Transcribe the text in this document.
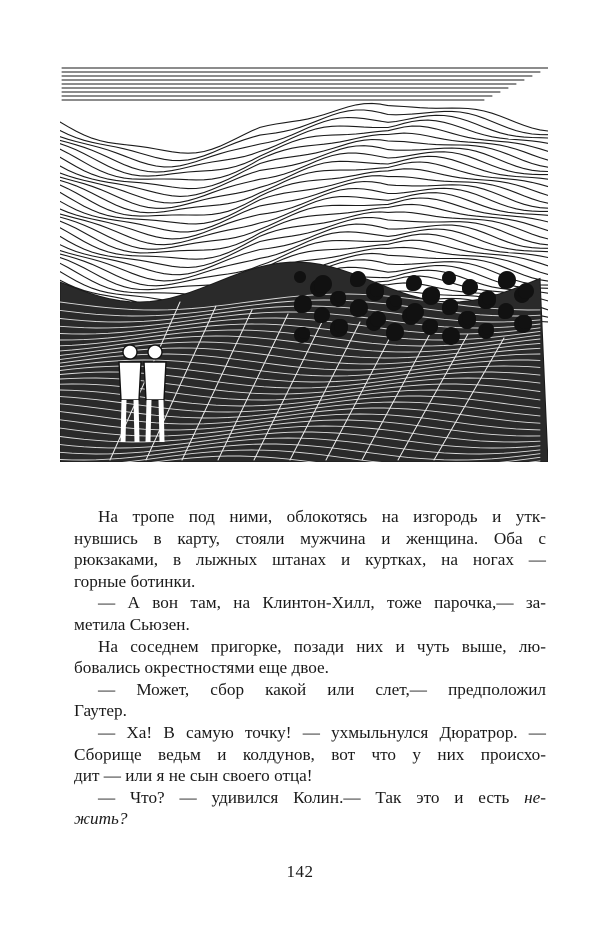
На тропе под ними, облокотясь на изгородь и утк-
нувшись в карту, стояли мужчина и женщина. Оба с
рюкзаками, в лыжных штанах и куртках, на ногах —
горные ботинки.
— А вон там, на Клинтон-Хилл, тоже парочка,— за-
метила Сьюзен.
На соседнем пригорке, позади них и чуть выше, лю-
бовались окрестностями еще двое.
— Может, сбор какой или слет,— предположил
Гаутер.
— Ха! В самую точку! — ухмыльнулся Дюратрор. —
Сборище ведьм и колдунов, вот что у них происхо-
дит — или я не сын своего отца!
— Что? — удивился Колин.— Так это и есть не-
жить?
142
